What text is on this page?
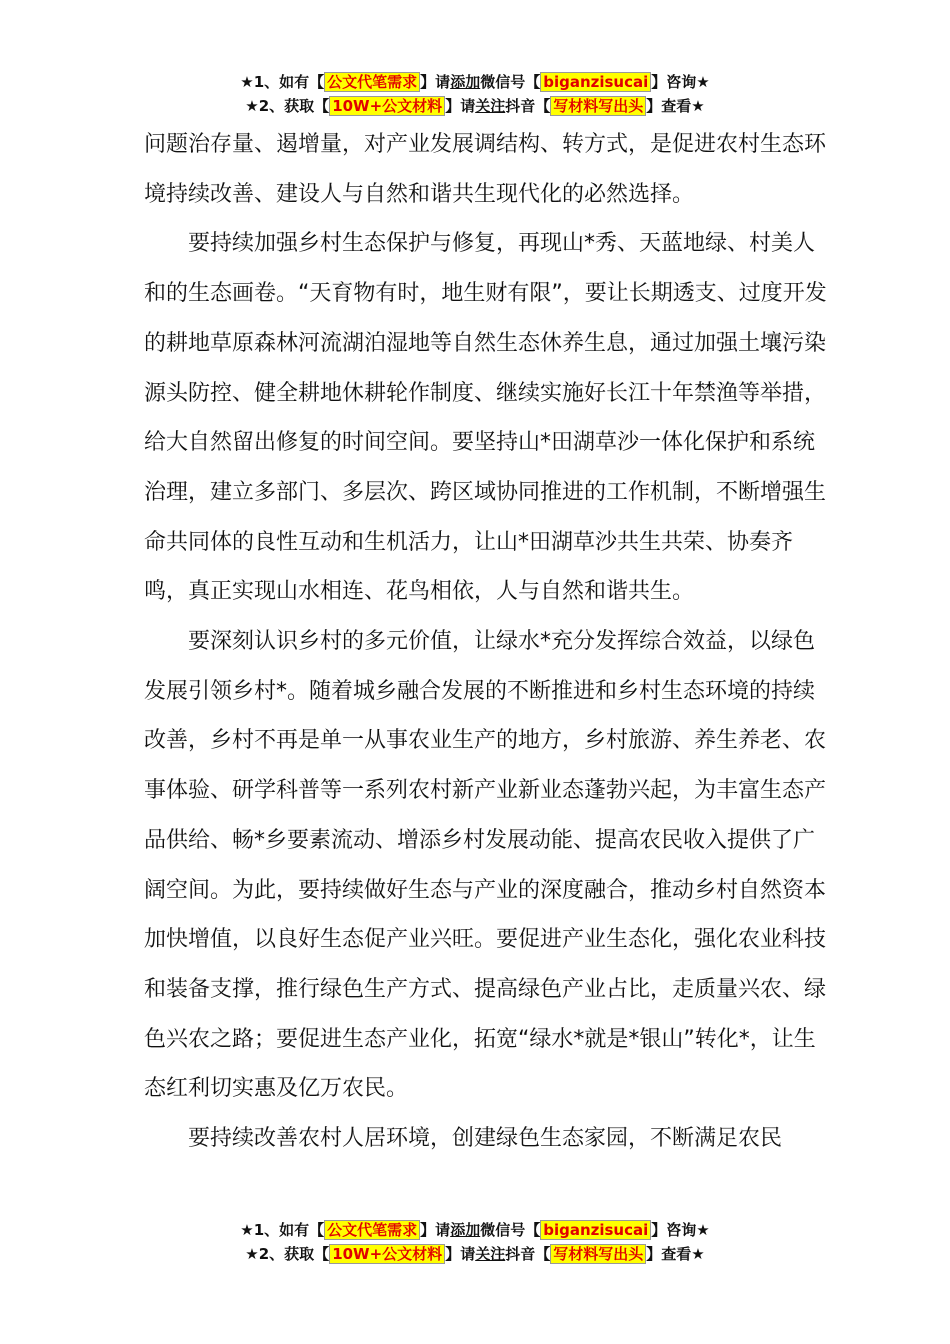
★1、如有【 公文代笔需求 】请添加微信号【 biganzisucai 】咨询★
★2、获取【 10W+公文材料 】请关注抖音【 写材料写出头 】查看★

问题治存量、遏增量，对产业发展调结构、转方式，是促进农村生态环境持续改善、建设人与自然和谐共生现代化的必然选择。

要持续加强乡村生态保护与修复，再现山*秀、天蓝地绿、村美人和的生态画卷。“天育物有时，地生财有限”，要让长期透支、过度开发的耕地草原森林河流湖泊湿地等自然生态休养生息，通过加强土壤污染源头防控、健全耕地休耕轮作制度、继续实施好长江十年禁渔等举措，给大自然留出修复的时间空间。要坚持山*田湖草沙一体化保护和系统治理，建立多部门、多层次、跨区域协同推进的工作机制，不断增强生命共同体的良性互动和生机活力，让山*田湖草沙共生共荣、协奏齐鸣，真正实现山水相连、花鸟相依，人与自然和谐共生。

要深刻认识乡村的多元价值，让绿水*充分发挥综合效益，以绿色发展引领乡村*。随着城乡融合发展的不断推进和乡村生态环境的持续改善，乡村不再是单一从事农业生产的地方，乡村旅游、养生养老、农事体验、研学科普等一系列农村新产业新业态蓬勃兴起，为丰富生态产品供给、畅*乡要素流动、增添乡村发展动能、提高农民收入提供了广阔空间。为此，要持续做好生态与产业的深度融合，推动乡村自然资本加快增值，以良好生态促产业兴旺。要促进产业生态化，强化农业科技和装备支撑，推行绿色生产方式、提高绿色产业占比，走质量兴农、绿色兴农之路；要促进生态产业化，拓宽“绿水*就是*银山”转化*，让生态红利切实惠及亿万农民。

要持续改善农村人居环境，创建绿色生态家园，不断满足农民

★1、如有【 公文代笔需求 】请添加微信号【 biganzisucai 】咨询★
★2、获取【 10W+公文材料 】请关注抖音【 写材料写出头 】查看★
